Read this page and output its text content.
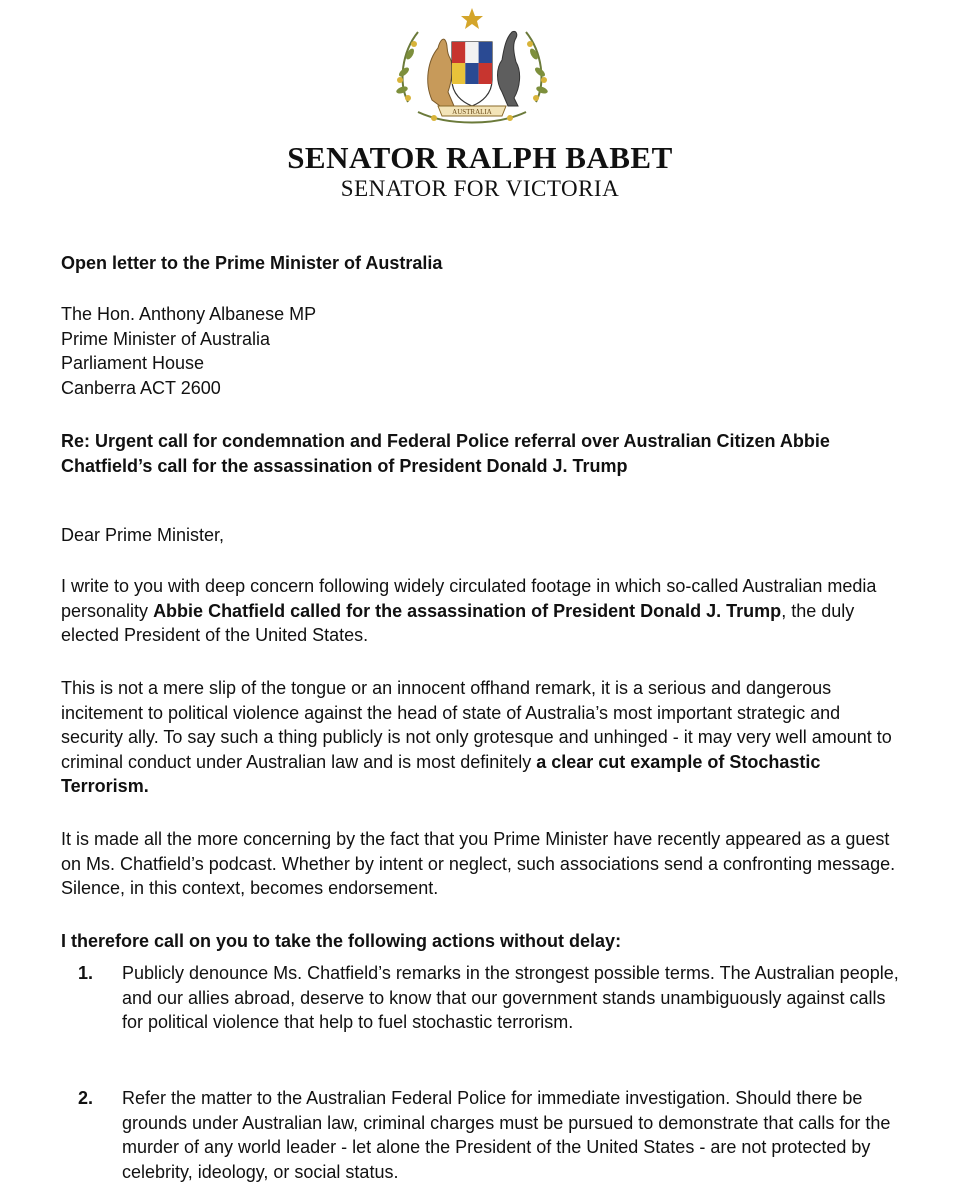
AUSTRALIA
SENATOR RALPH BABET
SENATOR FOR VICTORIA
Open letter to the Prime Minister of Australia
The Hon. Anthony Albanese MP
Prime Minister of Australia
Parliament House
Canberra ACT 2600
Re: Urgent call for condemnation and Federal Police referral over Australian Citizen Abbie Chatfield’s call for the assassination of President Donald J. Trump
Dear Prime Minister,
I write to you with deep concern following widely circulated footage in which so-called Australian media personality Abbie Chatfield called for the assassination of President Donald J. Trump, the duly elected President of the United States.
This is not a mere slip of the tongue or an innocent offhand remark, it is a serious and dangerous incitement to political violence against the head of state of Australia’s most important strategic and security ally. To say such a thing publicly is not only grotesque and unhinged - it may very well amount to criminal conduct under Australian law and is most definitely a clear cut example of Stochastic Terrorism.
It is made all the more concerning by the fact that you Prime Minister have recently appeared as a guest on Ms. Chatfield’s podcast. Whether by intent or neglect, such associations send a confronting message. Silence, in this context, becomes endorsement.
I therefore call on you to take the following actions without delay:
1. Publicly denounce Ms. Chatfield’s remarks in the strongest possible terms. The Australian people, and our allies abroad, deserve to know that our government stands unambiguously against calls for political violence that help to fuel stochastic terrorism.
2. Refer the matter to the Australian Federal Police for immediate investigation. Should there be grounds under Australian law, criminal charges must be pursued to demonstrate that calls for the murder of any world leader - let alone the President of the United States - are not protected by celebrity, ideology, or social status.
